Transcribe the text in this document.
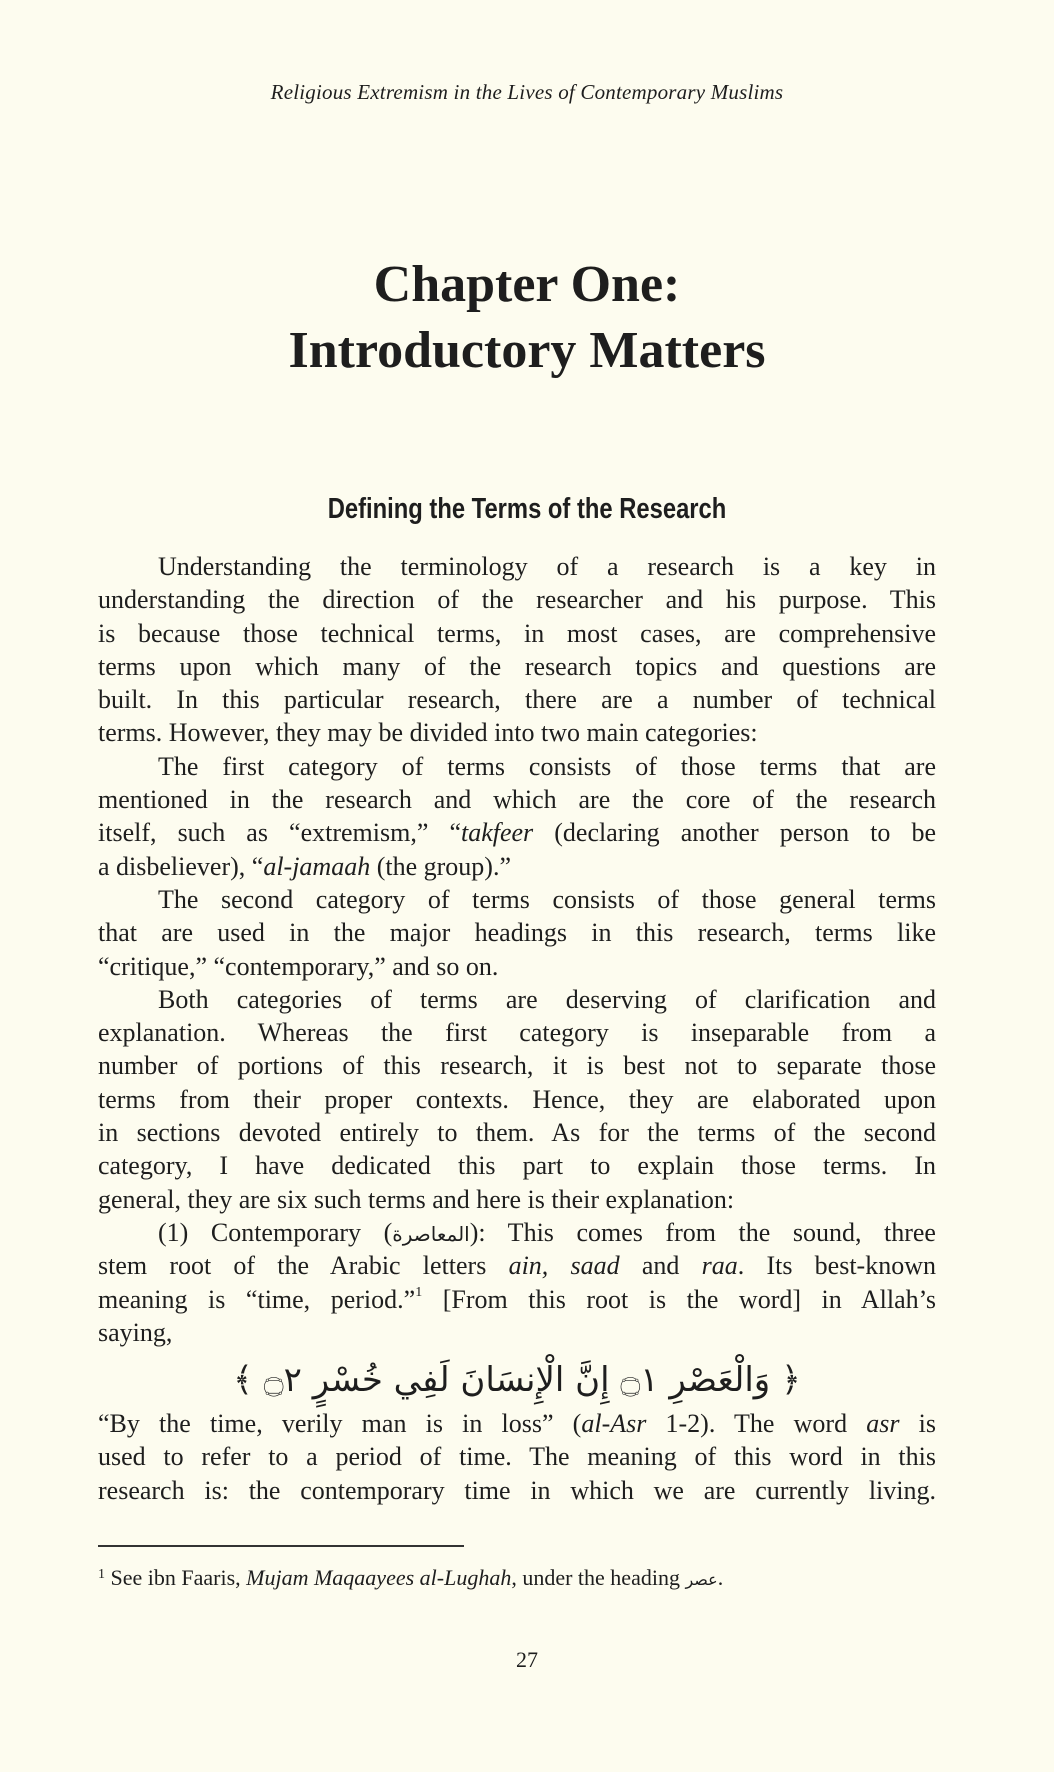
Religious Extremism in the Lives of Contemporary Muslims
Chapter One:
Introductory Matters
Defining the Terms of the Research
Understanding the terminology of a research is a key in
understanding the direction of the researcher and his purpose. This
is because those technical terms, in most cases, are comprehensive
terms upon which many of the research topics and questions are
built. In this particular research, there are a number of technical
terms. However, they may be divided into two main categories:
The first category of terms consists of those terms that are
mentioned in the research and which are the core of the research
itself, such as “extremism,” “takfeer (declaring another person to be
a disbeliever), “al-jamaah (the group).”
The second category of terms consists of those general terms
that are used in the major headings in this research, terms like
“critique,” “contemporary,” and so on.
Both categories of terms are deserving of clarification and
explanation. Whereas the first category is inseparable from a
number of portions of this research, it is best not to separate those
terms from their proper contexts. Hence, they are elaborated upon
in sections devoted entirely to them. As for the terms of the second
category, I have dedicated this part to explain those terms. In
general, they are six such terms and here is their explanation:
(1) Contemporary (المعاصرة): This comes from the sound, three
stem root of the Arabic letters ain, saad and raa. Its best-known
meaning is “time, period.”$^1$ [From this root is the word] in Allah’s
saying,
﴿ وَالْعَصْرِ ۝١ إِنَّ الْإِنسَانَ لَفِي خُسْرٍ ۝٢ ﴾
“By the time, verily man is in loss” (al-Asr 1-2). The word asr is
used to refer to a period of time. The meaning of this word in this
research is: the contemporary time in which we are currently living.
$^1$ See ibn Faaris, Mujam Maqaayees al-Lughah, under the heading عصر.
27
